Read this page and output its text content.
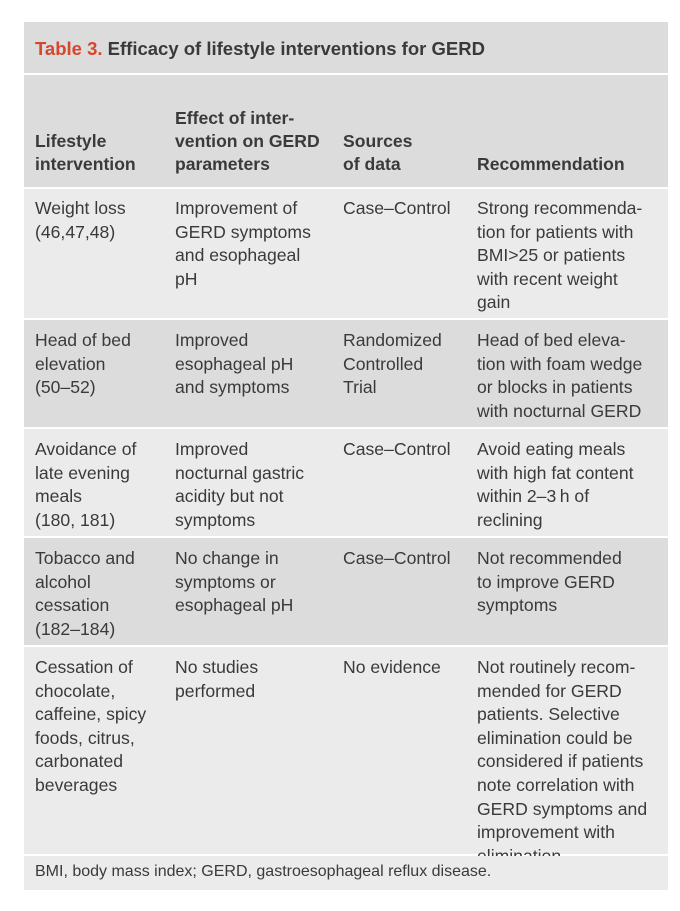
Table 3. Efficacy of lifestyle interventions for GERD
Lifestyle
intervention
Effect of inter-
vention on GERD
parameters
Sources
of data	Recommendation
Weight loss
(46,47,48)
Improvement of
GERD symptoms
and esophageal
pH
Case–Control Strong recommenda-
tion for patients with
BMI>25 or patients
with recent weight
gain
Head of bed
elevation
(50–52)
Improved
esophageal pH
and symptoms
Randomized
Controlled
Trial
Head of bed eleva-
tion with foam wedge
or blocks in patients
with nocturnal GERD
Avoidance of
late evening
meals
(180, 181)
Improved
nocturnal gastric
acidity but not
symptoms
Case–Control Avoid eating meals
with high fat content
within 2–3 h of
reclining
Tobacco and
alcohol
cessation
(182–184)
No change in
symptoms or
esophageal pH
Case–Control Not recommended
to improve GERD
symptoms
Cessation of
chocolate,
caffeine, spicy
foods, citrus,
carbonated
beverages
No studies
performed
No evidence Not routinely recom-
mended for GERD
patients. Selective
elimination could be
considered if patients
note correlation with
GERD symptoms and
improvement with
BMI, body mass index; GERD, gastroesophageal reflux disease.
